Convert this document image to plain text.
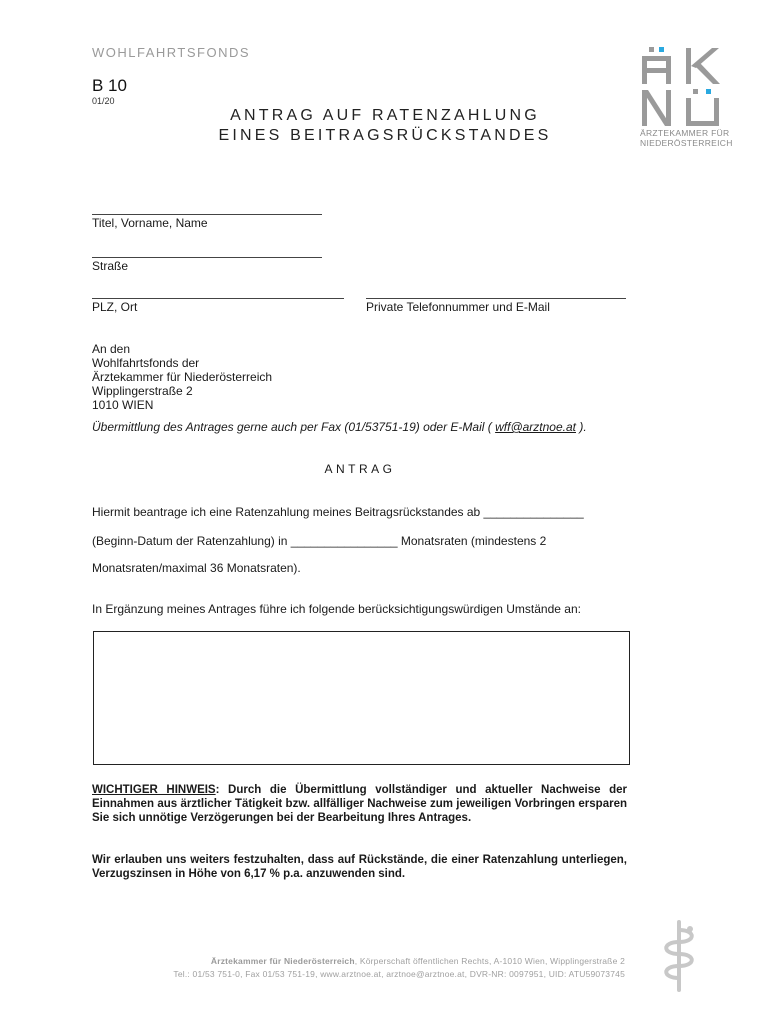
WOHLFAHRTSFONDS
B 10
01/20
ANTRAG AUF RATENZAHLUNG
EINES BEITRAGSRÜCKSTANDES	ÄRZTEKAMMER FÜR
NIEDERÖSTERREICH
Titel, Vorname, Name
Straße
PLZ, Ort	Private Telefonnummer und E-Mail
An den
Wohlfahrtsfonds der
Ärztekammer für Niederösterreich
Wipplingerstraße 2
1010 WIEN
Übermittlung des Antrages gerne auch per Fax (01/53751-19) oder E-Mail ( wff@arztnoe.at ).
ANTRAG
Hiermit beantrage ich eine Ratenzahlung meines Beitragsrückstandes ab _______________
(Beginn-Datum der Ratenzahlung) in ________________ Monatsraten (mindestens 2
Monatsraten/maximal 36 Monatsraten).
In Ergänzung meines Antrages führe ich folgende berücksichtigungswürdigen Umstände an:
WICHTIGER HINWEIS: Durch die Übermittlung vollständiger und aktueller Nachweise der Einnahmen aus ärztlicher Tätigkeit bzw. allfälliger Nachweise zum jeweiligen Vorbringen ersparen Sie sich unnötige Verzögerungen bei der Bearbeitung Ihres Antrages.
Wir erlauben uns weiters festzuhalten, dass auf Rückstände, die einer Ratenzahlung unterliegen, Verzugszinsen in Höhe von 6,17 % p.a. anzuwenden sind.
Ärztekammer für Niederösterreich, Körperschaft öffentlichen Rechts, A-1010 Wien, Wipplingerstraße 2
Tel.: 01/53 751-0, Fax 01/53 751-19, www.arztnoe.at, arztnoe@arztnoe.at, DVR-NR: 0097951, UID: ATU59073745
